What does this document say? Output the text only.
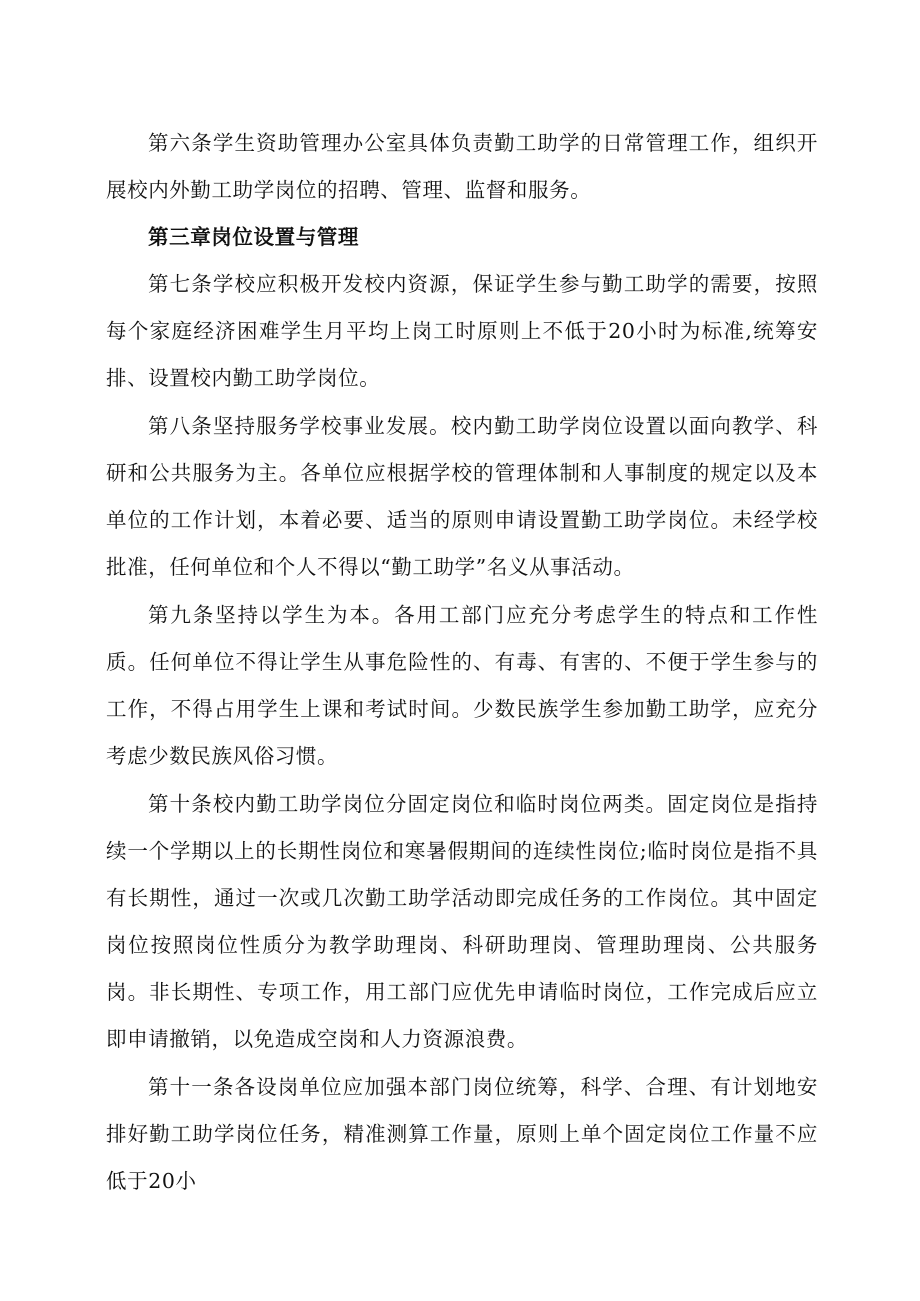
第六条学生资助管理办公室具体负责勤工助学的日常管理工作，组织开展校内外勤工助学岗位的招聘、管理、监督和服务。

第三章岗位设置与管理

第七条学校应积极开发校内资源，保证学生参与勤工助学的需要，按照每个家庭经济困难学生月平均上岗工时原则上不低于20小时为标准,统筹安排、设置校内勤工助学岗位。

第八条坚持服务学校事业发展。校内勤工助学岗位设置以面向教学、科研和公共服务为主。各单位应根据学校的管理体制和人事制度的规定以及本单位的工作计划，本着必要、适当的原则申请设置勤工助学岗位。未经学校批准，任何单位和个人不得以“勤工助学”名义从事活动。

第九条坚持以学生为本。各用工部门应充分考虑学生的特点和工作性质。任何单位不得让学生从事危险性的、有毒、有害的、不便于学生参与的工作，不得占用学生上课和考试时间。少数民族学生参加勤工助学，应充分考虑少数民族风俗习惯。

第十条校内勤工助学岗位分固定岗位和临时岗位两类。固定岗位是指持续一个学期以上的长期性岗位和寒暑假期间的连续性岗位;临时岗位是指不具有长期性，通过一次或几次勤工助学活动即完成任务的工作岗位。其中固定岗位按照岗位性质分为教学助理岗、科研助理岗、管理助理岗、公共服务岗。非长期性、专项工作，用工部门应优先申请临时岗位，工作完成后应立即申请撤销，以免造成空岗和人力资源浪费。

第十一条各设岗单位应加强本部门岗位统筹，科学、合理、有计划地安排好勤工助学岗位任务，精准测算工作量，原则上单个固定岗位工作量不应低于20小
